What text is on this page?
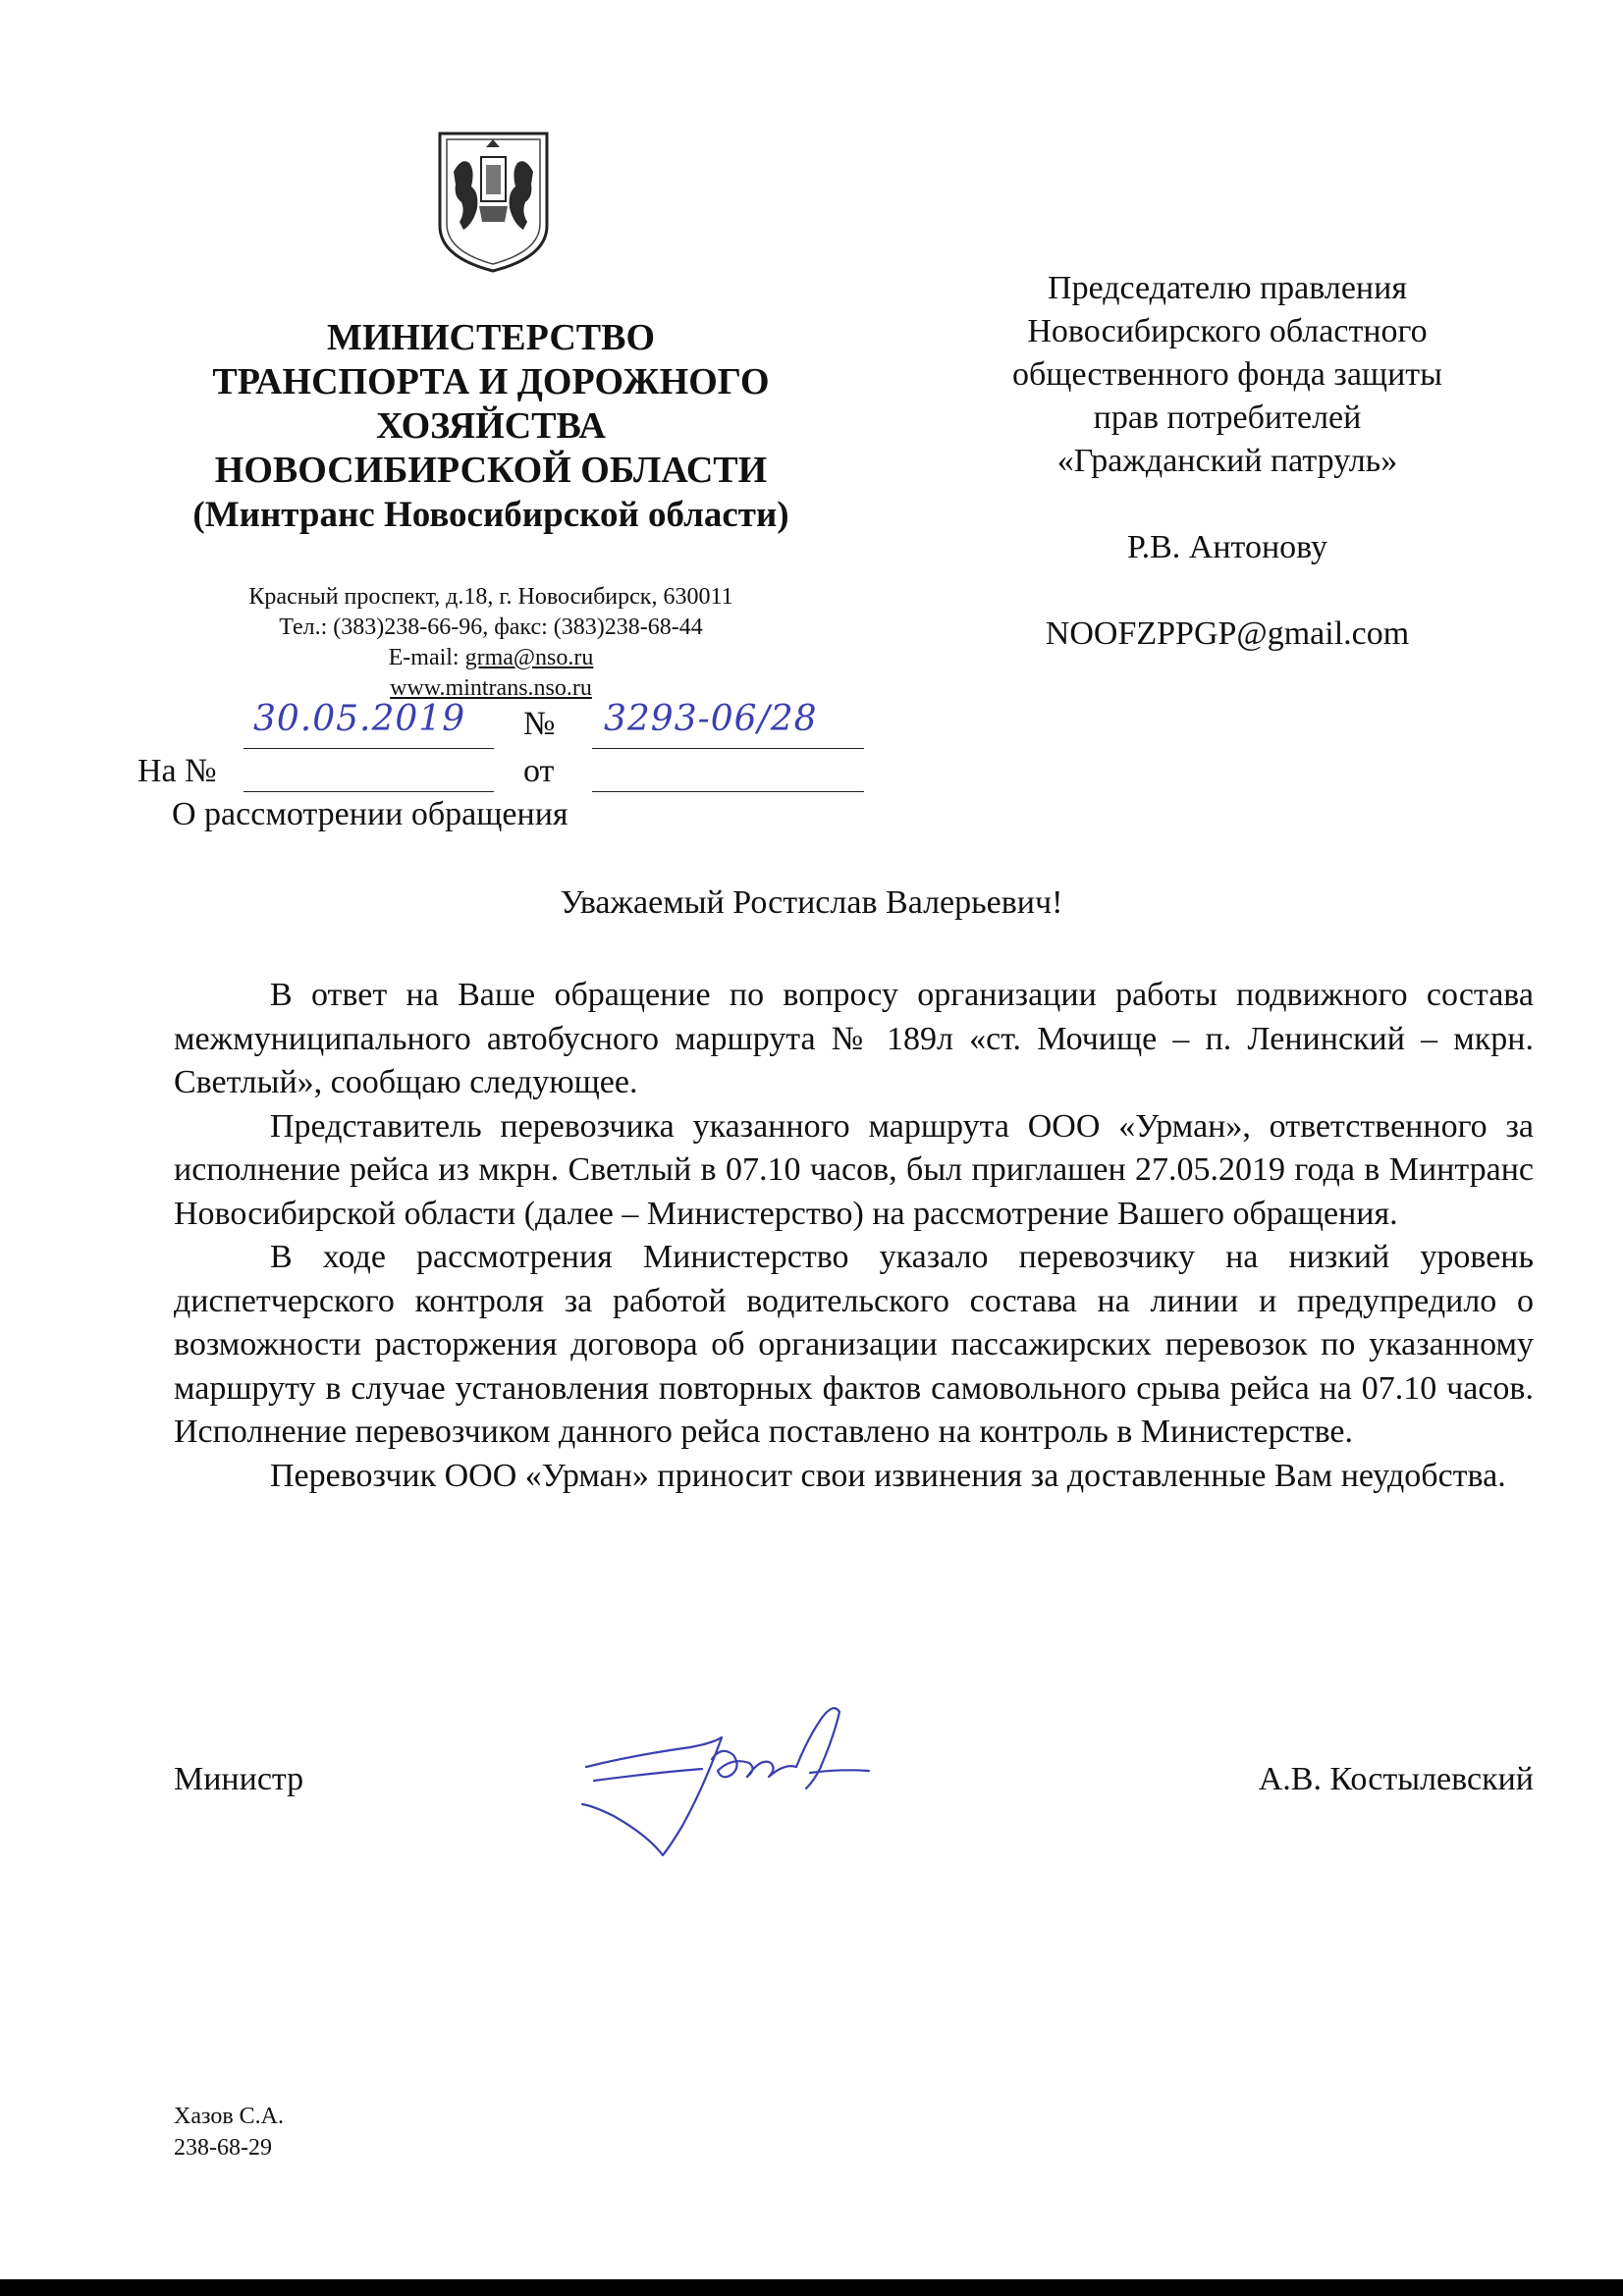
МИНИСТЕРСТВО

ТРАНСПОРТА И ДОРОЖНОГО

ХОЗЯЙСТВА

НОВОСИБИРСКОЙ ОБЛАСТИ

(Минтранс Новосибирской области)

Красный проспект, д.18, г. Новосибирск, 630011
Тел.: (383)238-66-96, факс: (383)238-68-44
E-mail: grma@nso.ru
www.mintrans.nso.ru
Председателю правления
Новосибирского областного
общественного фонда защиты
прав потребителей
«Гражданский патруль»
Р.В. Антонову
NOOFZPPGP@gmail.com
30.05.2019 № 3293-06/28
На №	от
О рассмотрении обращения
Уважаемый Ростислав Валерьевич!

В ответ на Ваше обращение по вопросу организации работы подвижного состава межмуниципального автобусного маршрута № 189л «ст. Мочище – п. Ленинский – мкрн. Светлый», сообщаю следующее.

Представитель перевозчика указанного маршрута ООО «Урман», ответственного за исполнение рейса из мкрн. Светлый в 07.10 часов, был приглашен 27.05.2019 года в Минтранс Новосибирской области (далее – Министерство) на рассмотрение Вашего обращения.

В ходе рассмотрения Министерство указало перевозчику на низкий уровень диспетчерского контроля за работой водительского состава на линии и предупредило о возможности расторжения договора об организации пассажирских перевозок по указанному маршруту в случае установления повторных фактов самовольного срыва рейса на 07.10 часов. Исполнение перевозчиком данного рейса поставлено на контроль в Министерстве.

Перевозчик ООО «Урман» приносит свои извинения за доставленные Вам неудобства.

Министр	А.В. Костылевский
Хазов С.А.
238-68-29
